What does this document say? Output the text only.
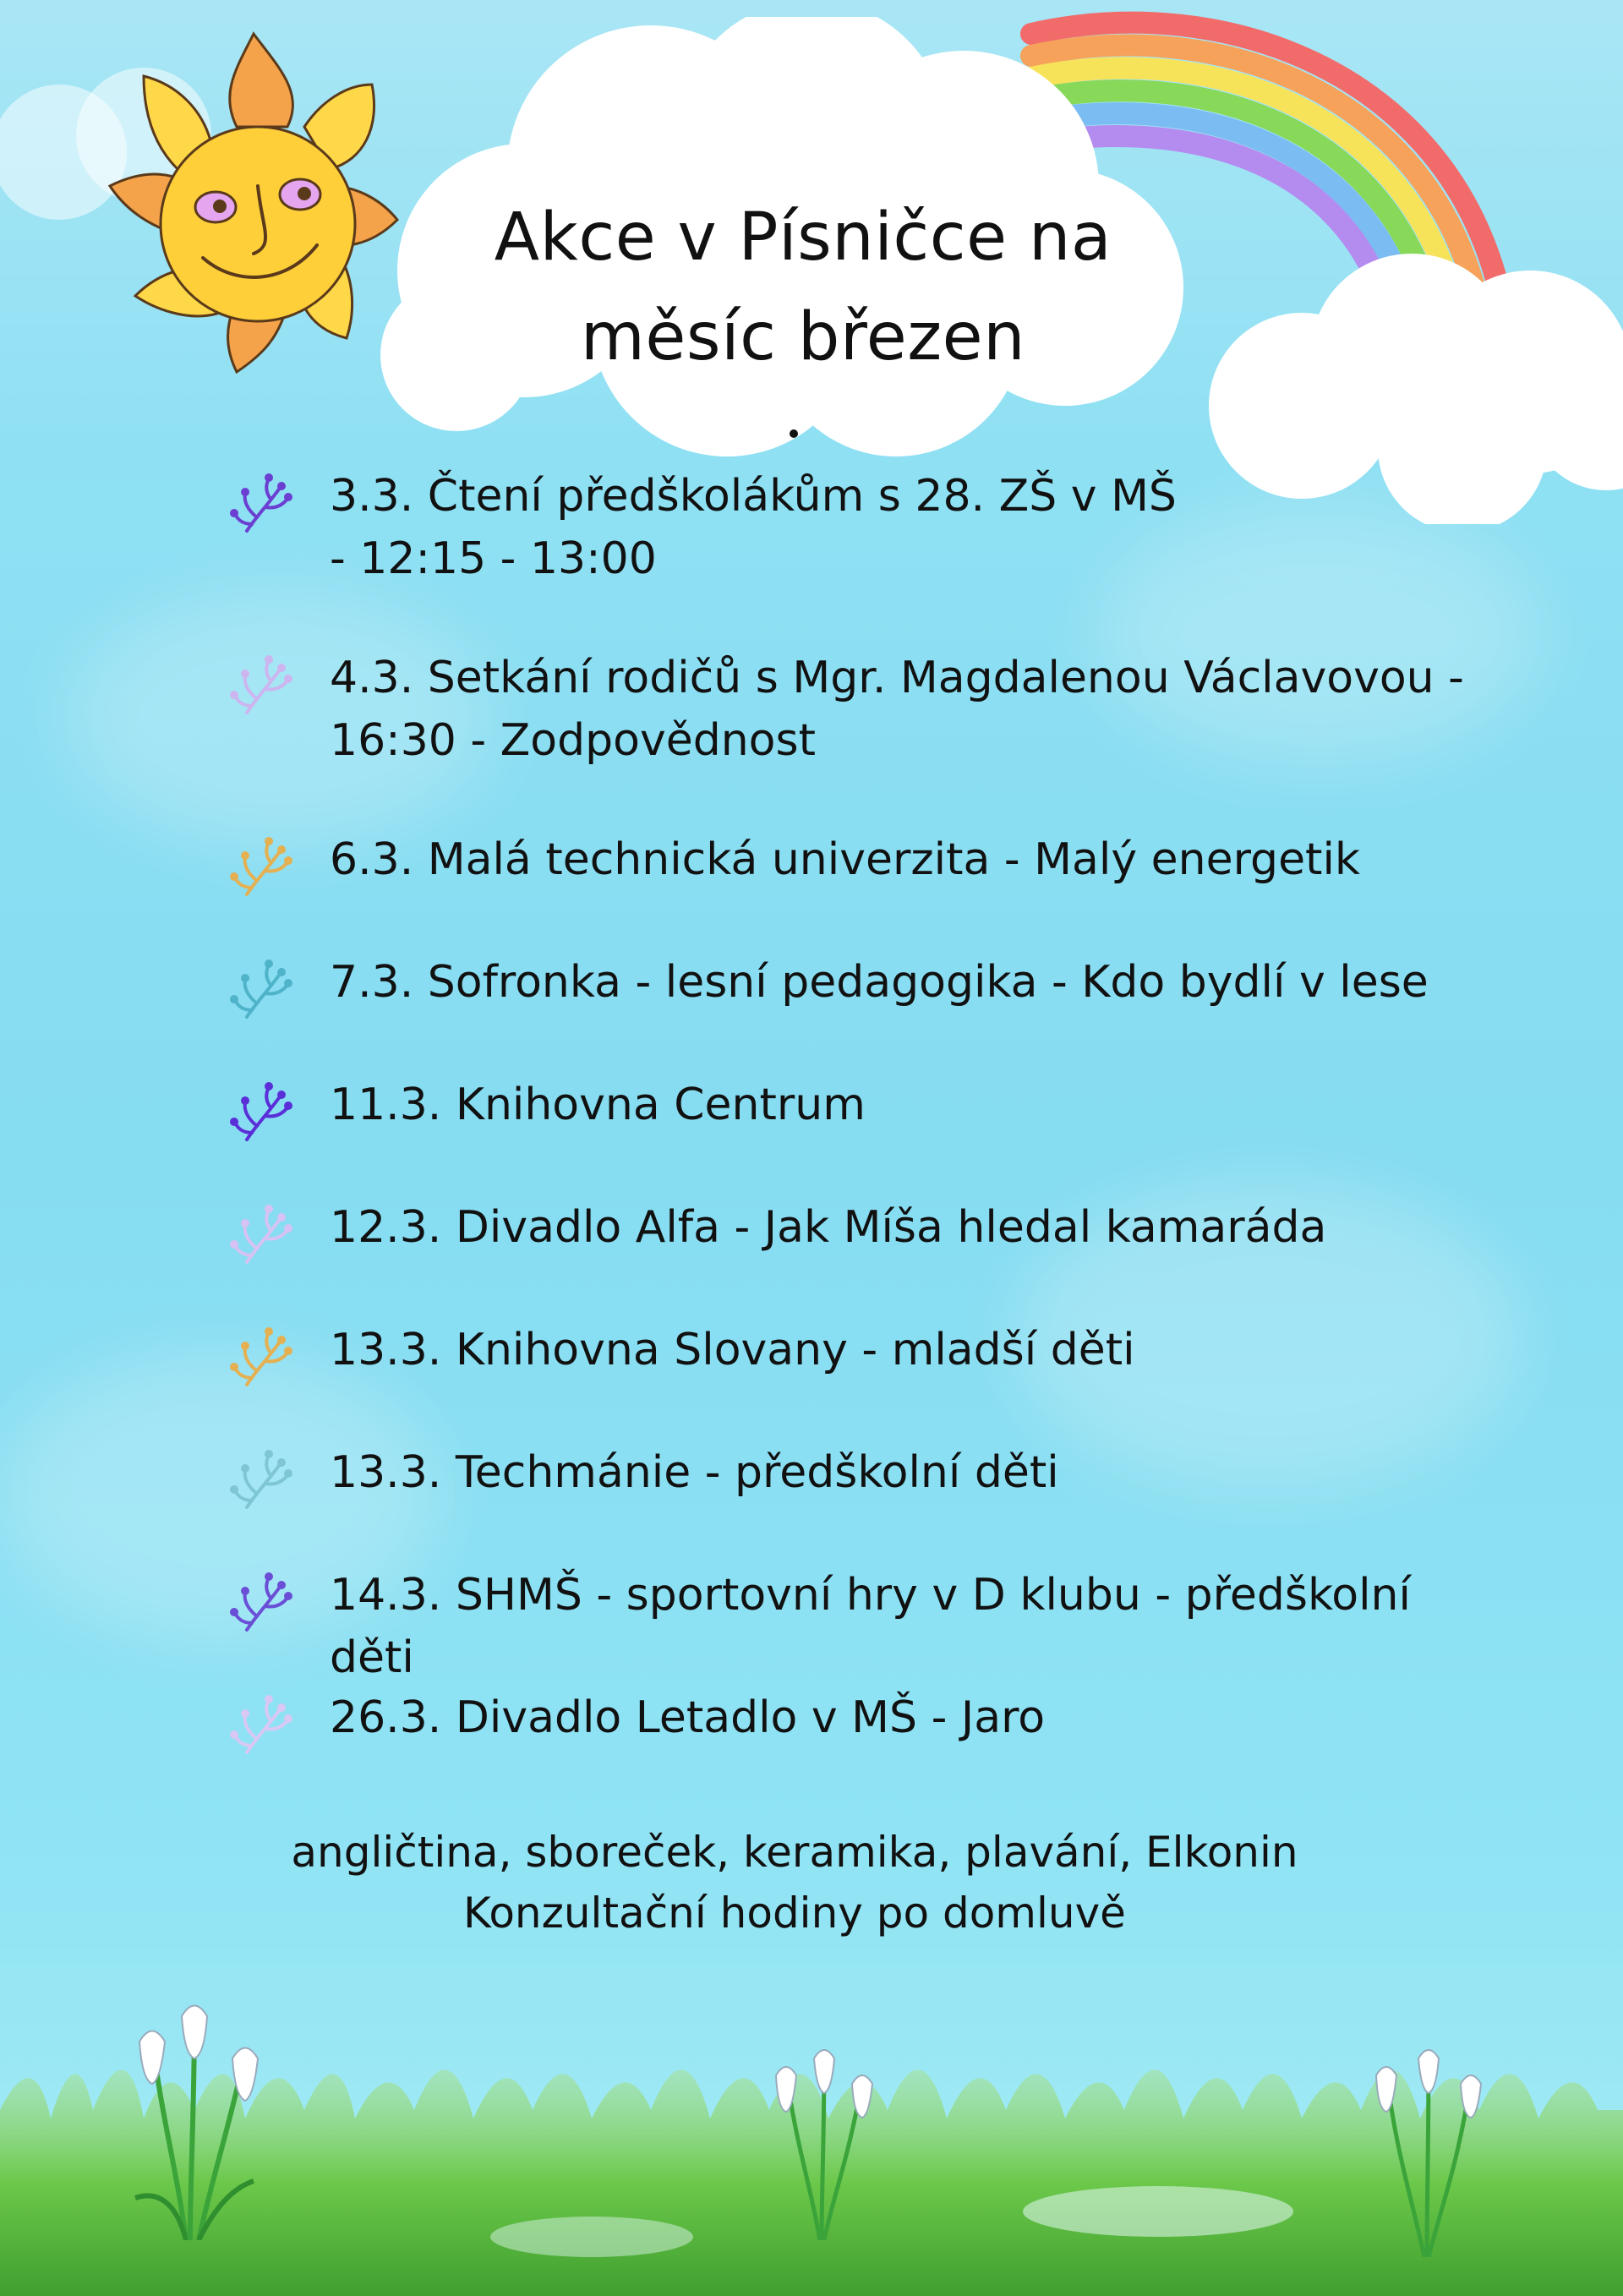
Akce v Písničce na
měsíc březen
3.3. Čtení předškolákům s 28. ZŠ v MŠ
- 12:15 - 13:00
4.3. Setkání rodičů s Mgr. Magdalenou Václavovou -
16:30 - Zodpovědnost
6.3. Malá technická univerzita - Malý energetik
7.3. Sofronka - lesní pedagogika - Kdo bydlí v lese
11.3. Knihovna Centrum
12.3. Divadlo Alfa - Jak Míša hledal kamaráda
13.3. Knihovna Slovany - mladší děti
13.3. Techmánie - předškolní děti
14.3. SHMŠ - sportovní hry v D klubu - předškolní děti
26.3. Divadlo Letadlo v MŠ - Jaro
angličtina, sboreček, keramika, plavání, Elkonin
Konzultační hodiny po domluvě
